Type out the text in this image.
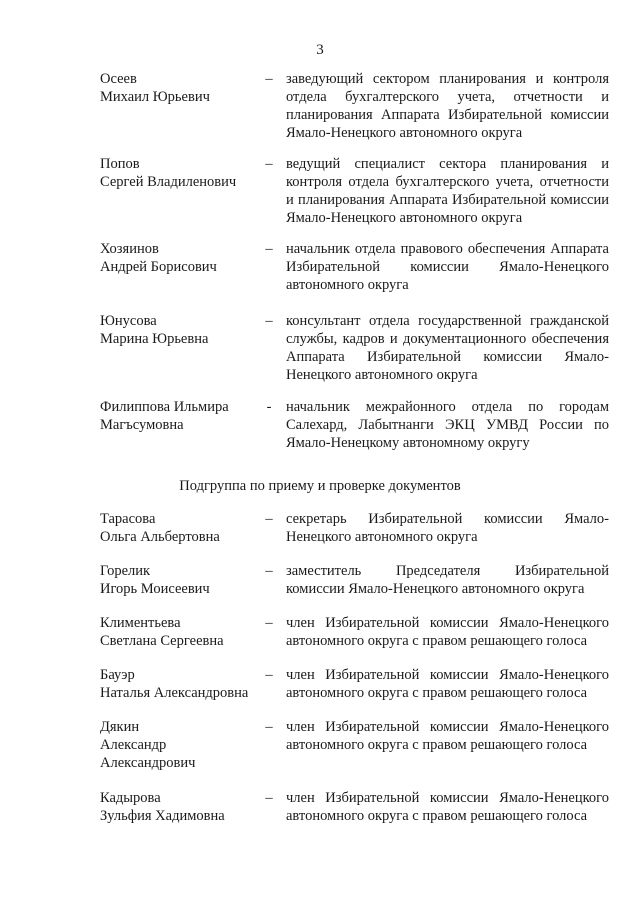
3
Осеев
Михаил Юрьевич
– заведующий сектором планирования и контроля отдела бухгалтерского учета, отчетности и планирования Аппарата Избирательной комиссии Ямало-Ненецкого автономного округа
Попов
Сергей Владиленович
– ведущий специалист сектора планирования и контроля отдела бухгалтерского учета, отчетности и планирования Аппарата Избирательной комиссии Ямало-Ненецкого автономного округа
Хозяинов
Андрей Борисович
– начальник отдела правового обеспечения Аппарата Избирательной комиссии Ямало-Ненецкого автономного округа
Юнусова
Марина Юрьевна
– консультант отдела государственной гражданской службы, кадров и документационного обеспечения Аппарата Избирательной комиссии Ямало-Ненецкого автономного округа
Филиппова Ильмира
Магъсумовна
- начальник межрайонного отдела по городам Салехард, Лабытнанги ЭКЦ УМВД России по Ямало-Ненецкому автономному округу
Подгруппа по приему и проверке документов
Тарасова
Ольга Альбертовна
– секретарь Избирательной комиссии Ямало-Ненецкого автономного округа
Горелик
Игорь Моисеевич
– заместитель Председателя Избирательной комиссии Ямало-Ненецкого автономного округа
Климентьева
Светлана Сергеевна
– член Избирательной комиссии Ямало-Ненецкого автономного округа с правом решающего голоса
Бауэр
Наталья Александровна
– член Избирательной комиссии Ямало-Ненецкого автономного округа с правом решающего голоса
Дякин
Александр
Александрович
– член Избирательной комиссии Ямало-Ненецкого автономного округа с правом решающего голоса
Кадырова
Зульфия Хадимовна
– член Избирательной комиссии Ямало-Ненецкого автономного округа с правом решающего голоса
